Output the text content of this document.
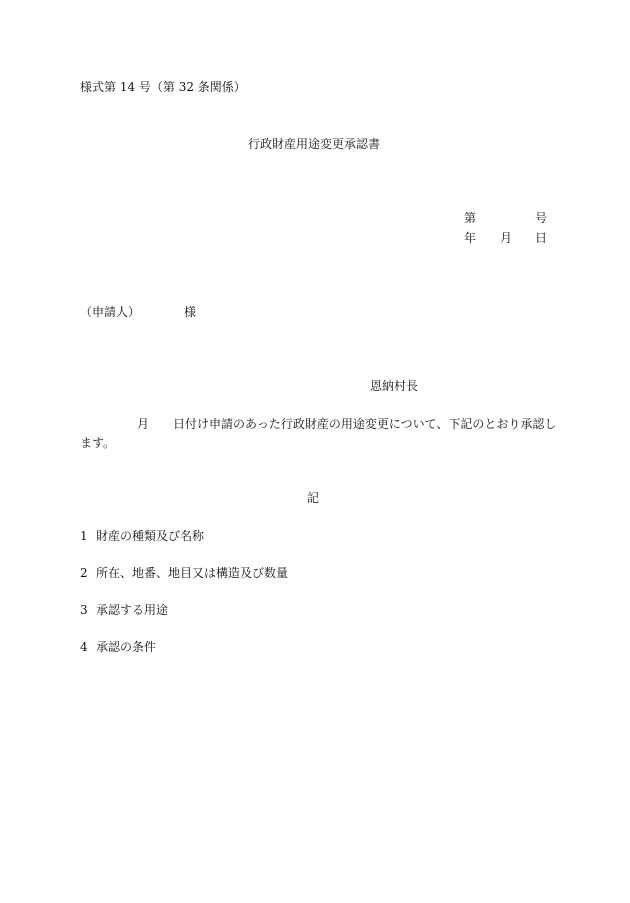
様式第 14 号（第 32 条関係）
行政財産用途変更承認書
第	号
年 月 日
（申請人）	様
恩納村長
月 日付け申請のあった行政財産の用途変更について、下記のとおり承認し
ます。
記
1 財産の種類及び名称
2 所在、地番、地目又は構造及び数量
3 承認する用途
4 承認の条件
